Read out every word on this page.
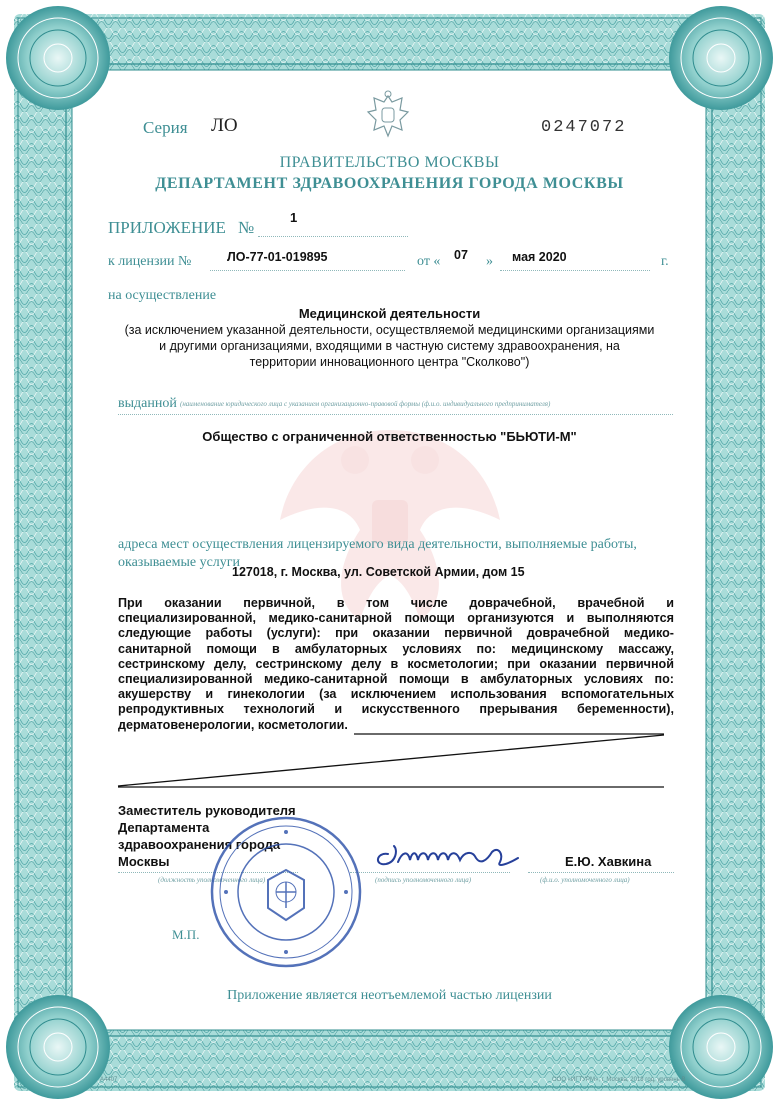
Серия ЛО	0247072
ПРАВИТЕЛЬСТВО МОСКВЫ
ДЕПАРТАМЕНТ ЗДРАВООХРАНЕНИЯ ГОРОДА МОСКВЫ
ПРИЛОЖЕНИЕ №
1
к лицензии №	ЛО-77-01-019895	от « 07 » мая 2020	г.
на осуществление
Медицинской деятельности
(за исключением указанной деятельности, осуществляемой медицинскими организациями
и другими организациями, входящими в частную систему здравоохранения, на
территории инновационного центра "Сколково")
выданной (наименование юридического лица с указанием организационно-правовой формы (ф.и.о. индивидуального предпринимателя)
Общество с ограниченной ответственностью "БЬЮТИ-М"
адреса мест осуществления лицензируемого вида деятельности, выполняемые работы,
оказываемые услуги
127018, г. Москва, ул. Советской Армии, дом 15
При оказании первичной, в том числе доврачебной, врачебной и
специализированной, медико-санитарной помощи организуются и выполняются
следующие работы (услуги): при оказании первичной доврачебной медико-
санитарной помощи в амбулаторных условиях по: медицинскому массажу,
сестринскому делу, сестринскому делу в косметологии; при оказании первичной
специализированной медико-санитарной помощи в амбулаторных условиях по:
акушерству и гинекологии (за исключением использования вспомогательных
репродуктивных технологий и искусственного прерывания беременности),
дерматовенерологии, косметологии.
Заместитель руководителя
Департамента
здравоохранения города
Москвы	Е.Ю. Хавкина
(должность уполномоченного лица)	(подпись уполномоченного лица)	(ф.и.о. уполномоченного лица)
М.П.
Приложение является неотъемлемой частью лицензии
А4407	ООО «ИГТУРМ», г. Москва, 2018 год, уровень В
